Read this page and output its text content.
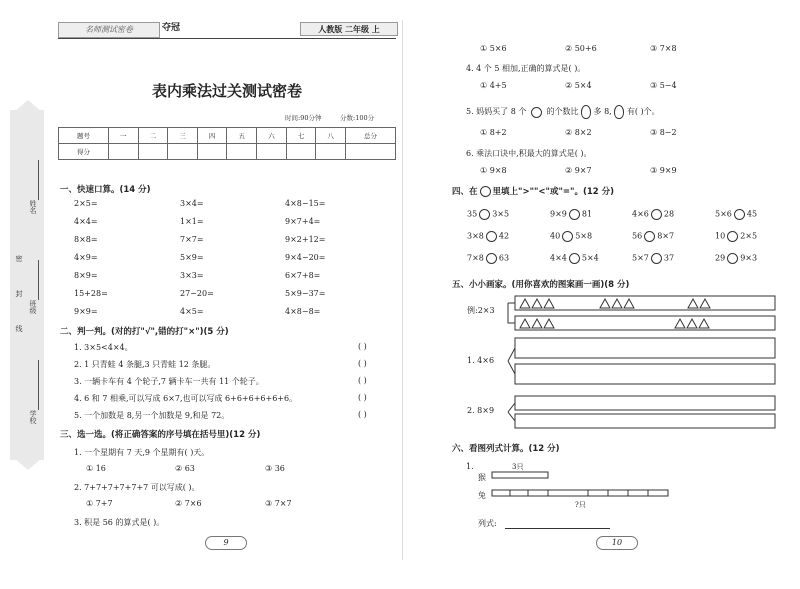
姓名
班级
学校
密
封
线
名师测试密卷	夺冠	人教版 二年级 上
表内乘法过关测试密卷
时间:90分钟	分数:100分
题号	一	二	三	四	五	六	七	八	总分
得分									
一、快速口算。(14 分)
二、判一判。(对的打"√",错的打"×")(5 分)
三、选一选。(将正确答案的序号填在括号里)(12 分)
1. 一个星期有 7 天,9 个星期有( )天。
① 16	② 63	③ 36
2. 7+7+7+7+7+7 可以写成( )。
① 7+7	② 7×6	③ 7×7
3. 积是 56 的算式是( )。
9
① 5×6	② 50+6	③ 7×8
4. 4 个 5 相加,正确的算式是( )。
① 4+5	② 5×4	③ 5−4
5. 妈妈买了 8 个	的个数比 多 8, 有( )个。
① 8+2	② 8×2	③ 8−2
6. 乘法口诀中,积最大的算式是( )。
① 9×8	② 9×7	③ 9×9
四、在 里填上">""<"或"="。(12 分)
五、小小画家。(用你喜欢的图案画一画)(8 分)
例:2×3
1. 4×6
2. 8×9
六、看图列式计算。(12 分)
1.
猴
兔
3只
?只
列式:
10
2×5=	3×4=	4×8−15=
4×4=	1×1=	9×7+4=
8×8=	7×7=	9×2+12=
4×9=	5×9=	9×4−20=
8×9=	3×3=	6×7+8=
15+28=	27−20=	5×9−37=
9×9=	4×5=	4×8−8=
1. 3×5<4×4。	( )
2. 1 只青蛙 4 条腿,3 只青蛙 12 条腿。	( )
3. 一辆卡车有 4 个轮子,7 辆卡车一共有 11 个轮子。	( )
4. 6 和 7 相乘,可以写成 6×7,也可以写成 6+6+6+6+6+6。	( )
5. 一个加数是 8,另一个加数是 9,和是 72。	( )
35 3×5	9×9 81	4×6 28	5×6 45
3×8 42	40 5×8	56 8×7	10 2×5
7×8 63	4×4 5×4	5×7 37	29 9×3
